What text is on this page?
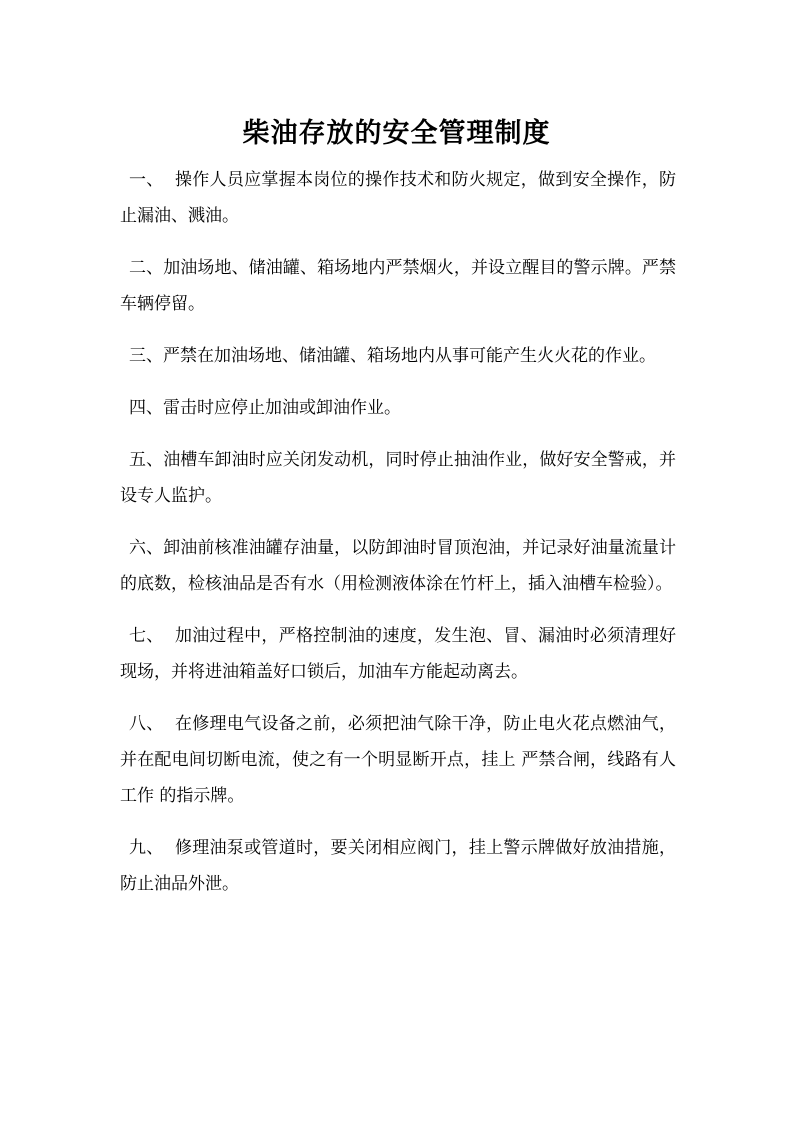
柴油存放的安全管理制度

一、  操作人员应掌握本岗位的操作技术和防火规定，做到安全操作，防止漏油、溅油。

二、加油场地、储油罐、箱场地内严禁烟火，并设立醒目的警示牌。严禁车辆停留。

三、严禁在加油场地、储油罐、箱场地内从事可能产生火火花的作业。

四、雷击时应停止加油或卸油作业。

五、油槽车卸油时应关闭发动机，同时停止抽油作业，做好安全警戒，并设专人监护。

六、卸油前核准油罐存油量，以防卸油时冒顶泡油，并记录好油量流量计的底数，检核油品是否有水（用检测液体涂在竹杆上，插入油槽车检验）。

七、  加油过程中，严格控制油的速度，发生泡、冒、漏油时必须清理好现场，并将进油箱盖好口锁后，加油车方能起动离去。

八、  在修理电气设备之前，必须把油气除干净，防止电火花点燃油气，并在配电间切断电流，使之有一个明显断开点，挂上 严禁合闸，线路有人工作 的指示牌。

九、  修理油泵或管道时，要关闭相应阀门，挂上警示牌做好放油措施，防止油品外泄。
